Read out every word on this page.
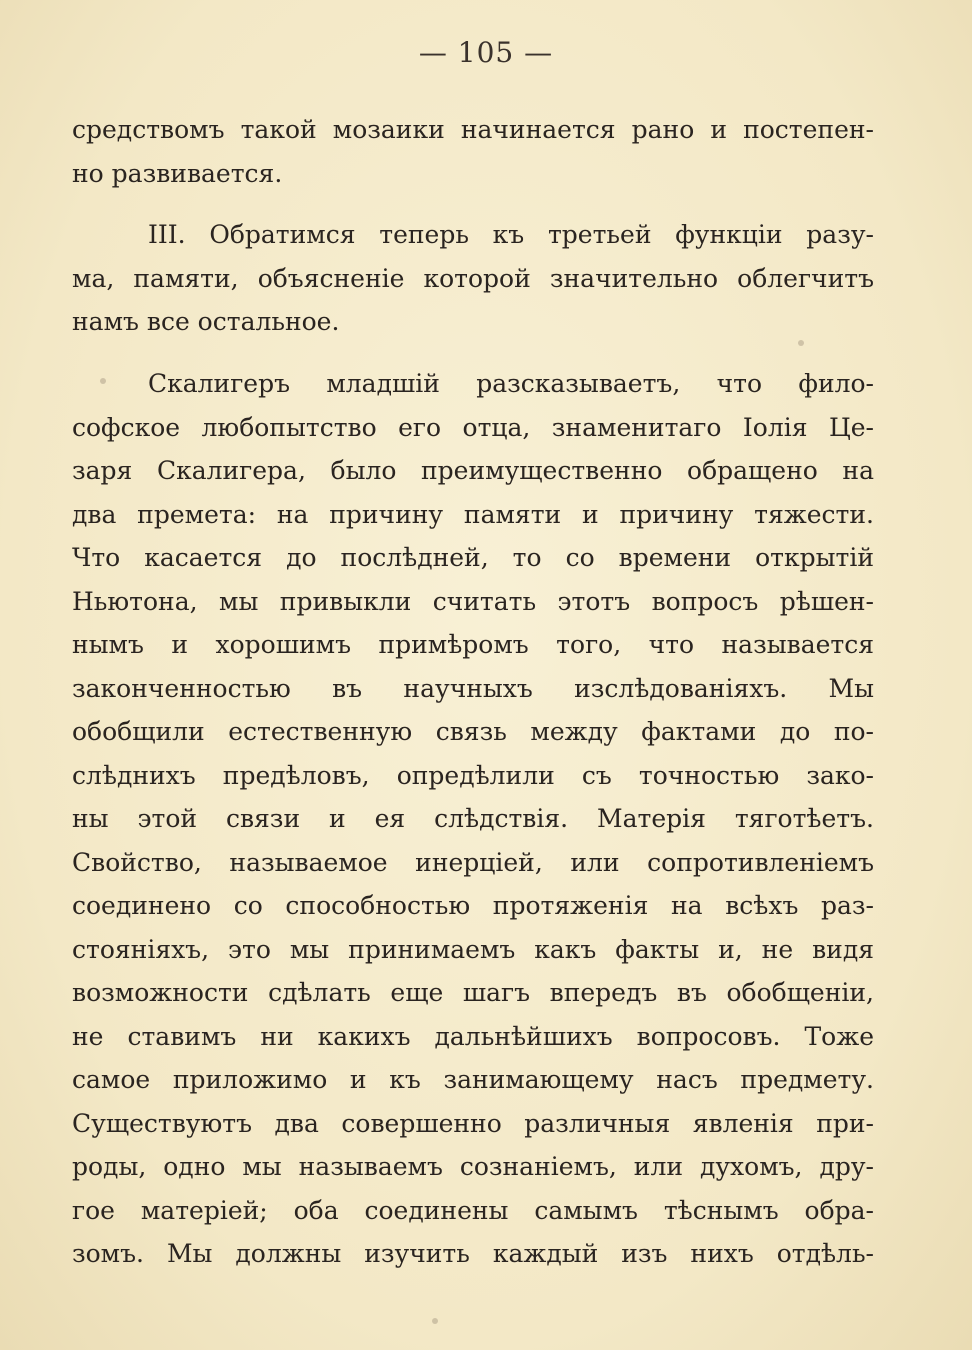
— 105 —
средствомъ такой мозаики начинается рано и постепен-
но развивается.
III. Обратимся теперь къ третьей функціи разу-
ма, памяти, объясненіе которой значительно облегчитъ
намъ все остальное.
Скалигеръ младшій разсказываетъ, что фило-
софское любопытство его отца, знаменитаго Іолія Це-
заря Скалигера, было преимущественно обращено на
два премета: на причину памяти и причину тяжести.
Что касается до послѣдней, то со времени открытій
Ньютона, мы привыкли считать этотъ вопросъ рѣшен-
нымъ и хорошимъ примѣромъ того, что называется
законченностью въ научныхъ изслѣдованіяхъ. Мы
обобщили естественную связь между фактами до по-
слѣднихъ предѣловъ, опредѣлили съ точностью зако-
ны этой связи и ея слѣдствія. Матерія тяготѣетъ.
Свойство, называемое инерціей, или сопротивленіемъ
соединено со способностью протяженія на всѣхъ раз-
стояніяхъ, это мы принимаемъ какъ факты и, не видя
возможности сдѣлать еще шагъ впередъ въ обобщеніи,
не ставимъ ни какихъ дальнѣйшихъ вопросовъ. Тоже
самое приложимо и къ занимающему насъ предмету.
Существуютъ два совершенно различныя явленія при-
роды, одно мы называемъ сознаніемъ, или духомъ, дру-
гое матеріей; оба соединены самымъ тѣснымъ обра-
зомъ. Мы должны изучить каждый изъ нихъ отдѣль-
